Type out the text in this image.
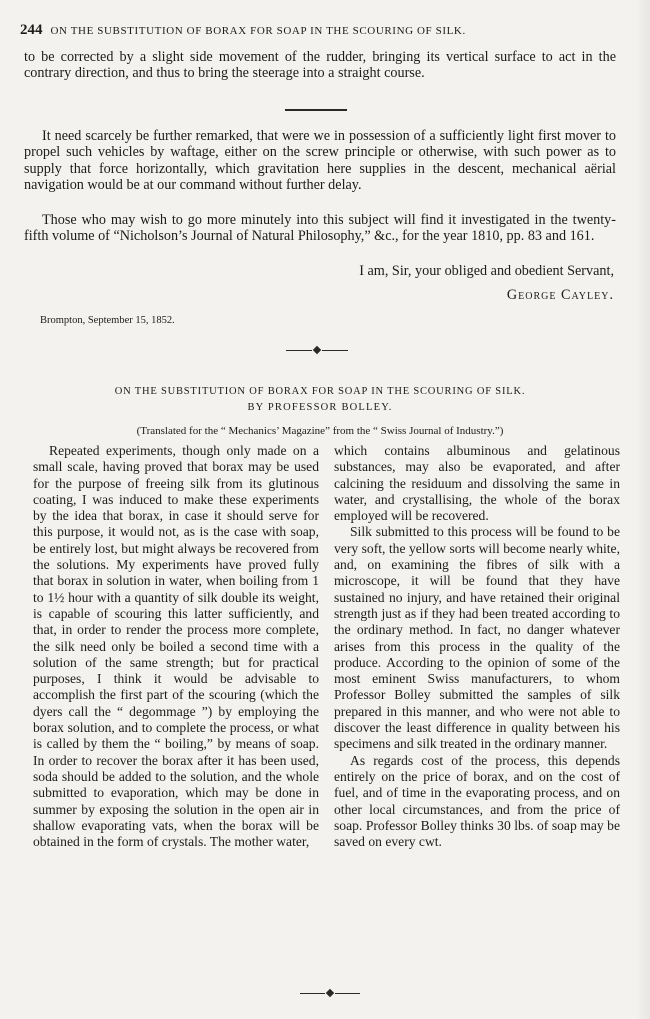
244 ON THE SUBSTITUTION OF BORAX FOR SOAP IN THE SCOURING OF SILK.

to be corrected by a slight side movement of the rudder, bringing its vertical surface to act in the contrary direction, and thus to bring the steerage into a straight course.

It need scarcely be further remarked, that were we in possession of a sufficiently light first mover to propel such vehicles by waftage, either on the screw principle or otherwise, with such power as to supply that force horizontally, which gravitation here supplies in the descent, mechanical aërial navigation would be at our command without further delay.

Those who may wish to go more minutely into this subject will find it investigated in the twenty-fifth volume of “Nicholson’s Journal of Natural Philosophy,” &c., for the year 1810, pp. 83 and 161.

I am, Sir, your obliged and obedient Servant,
George Cayley.
Brompton, September 15, 1852.
ON THE SUBSTITUTION OF BORAX FOR SOAP IN THE SCOURING OF SILK.
BY PROFESSOR BOLLEY.
(Translated for the “ Mechanics’ Magazine” from the “ Swiss Journal of Industry.”)

Repeated experiments, though only made on a small scale, having proved that borax may be used for the purpose of freeing silk from its glutinous coating, I was induced to make these experiments by the idea that borax, in case it should serve for this purpose, it would not, as is the case with soap, be entirely lost, but might always be recovered from the solutions. My experiments have proved fully that borax in solution in water, when boiling from 1 to 1½ hour with a quantity of silk double its weight, is capable of scouring this latter sufficiently, and that, in order to render the process more complete, the silk need only be boiled a second time with a solution of the same strength; but for practical purposes, I think it would be advisable to accomplish the first part of the scouring (which the dyers call the “ degommage ”) by employing the borax solution, and to complete the process, or what is called by them the “ boiling,” by means of soap. In order to recover the borax after it has been used, soda should be added to the solution, and the whole submitted to evaporation, which may be done in summer by exposing the solution in the open air in shallow evaporating vats, when the borax will be obtained in the form of crystals. The mother water,

which contains albuminous and gelatinous substances, may also be evaporated, and after calcining the residuum and dissolving the same in water, and crystallising, the whole of the borax employed will be recovered.

Silk submitted to this process will be found to be very soft, the yellow sorts will become nearly white, and, on examining the fibres of silk with a microscope, it will be found that they have sustained no injury, and have retained their original strength just as if they had been treated according to the ordinary method. In fact, no danger whatever arises from this process in the quality of the produce. According to the opinion of some of the most eminent Swiss manufacturers, to whom Professor Bolley submitted the samples of silk prepared in this manner, and who were not able to discover the least difference in quality between his specimens and silk treated in the ordinary manner.

As regards cost of the process, this depends entirely on the price of borax, and on the cost of fuel, and of time in the evaporating process, and on other local circumstances, and from the price of soap. Professor Bolley thinks 30 lbs. of soap may be saved on every cwt.
